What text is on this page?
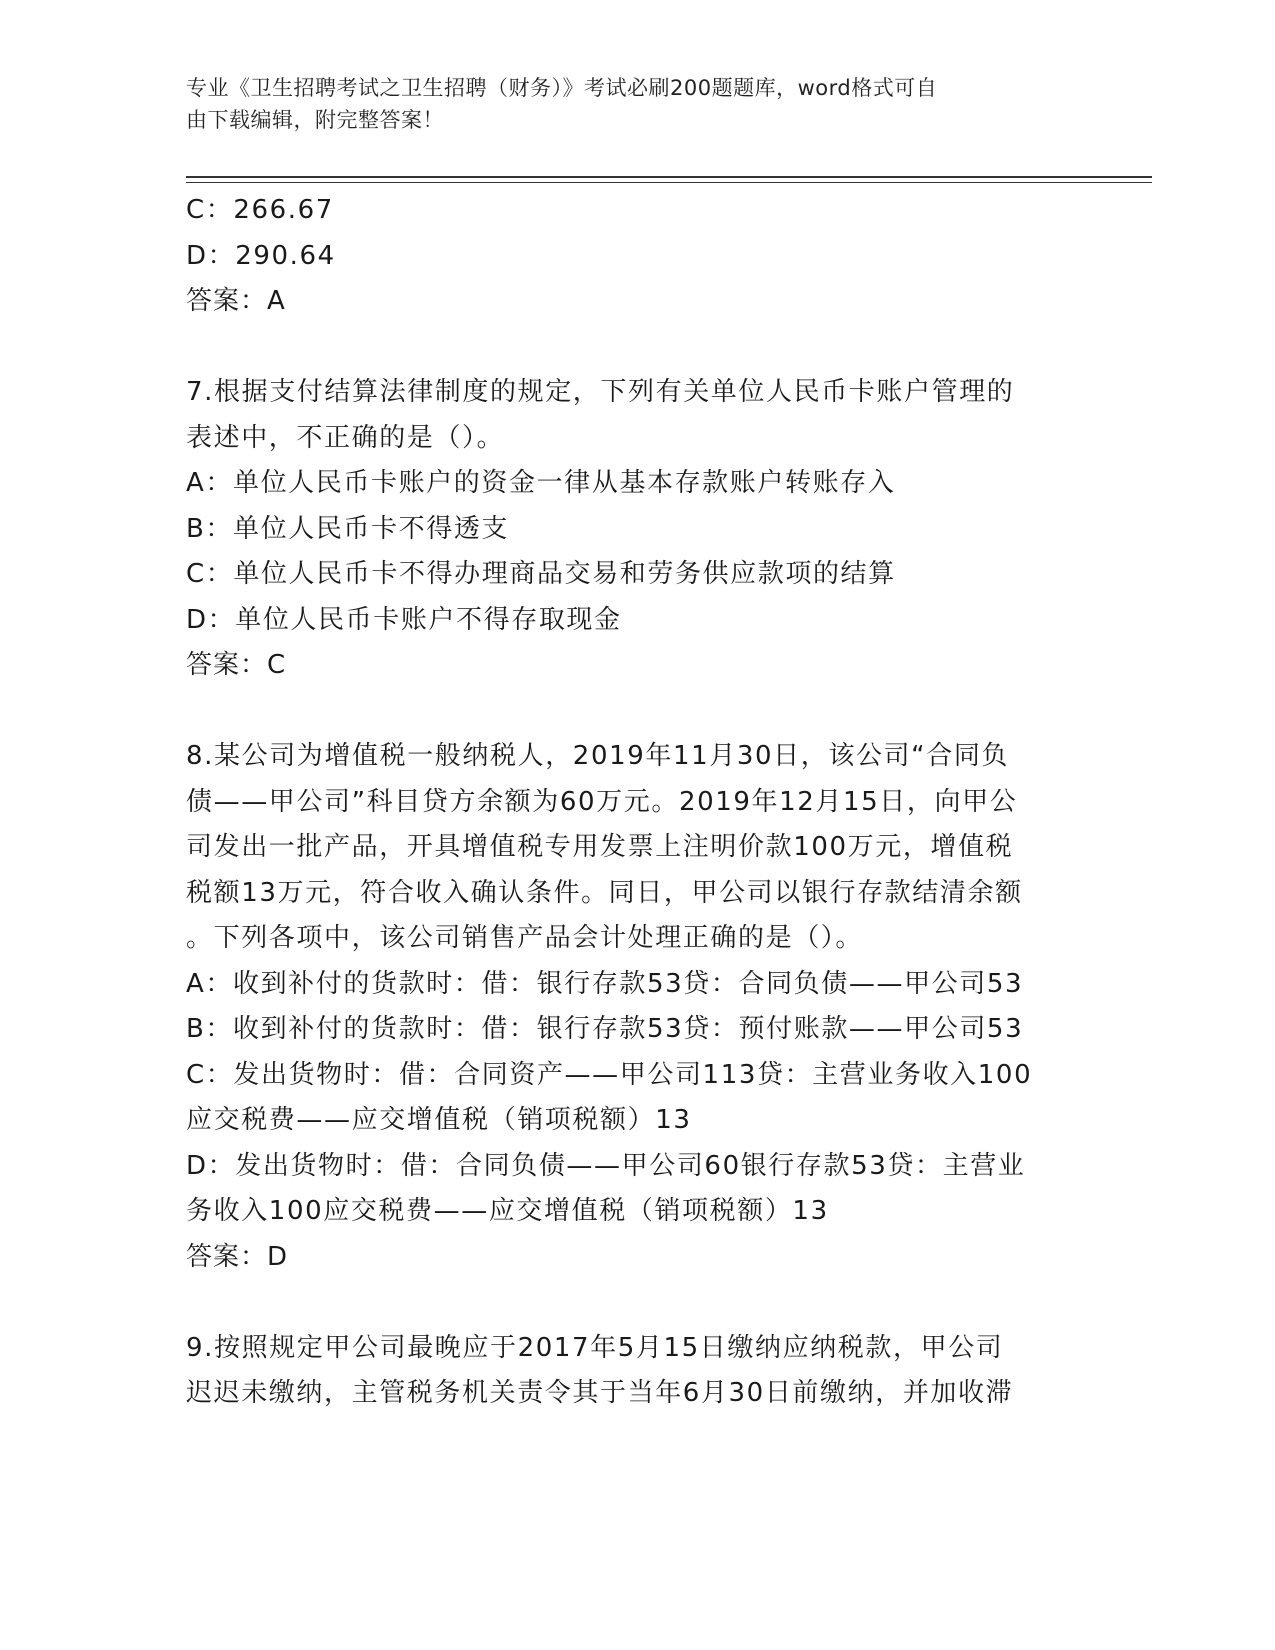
专业《卫生招聘考试之卫生招聘（财务）》考试必刷200题题库，word格式可自
由下载编辑，附完整答案！
C：266.67
D：290.64
答案：A
7.根据支付结算法律制度的规定，下列有关单位人民币卡账户管理的
表述中，不正确的是（）。
A：单位人民币卡账户的资金一律从基本存款账户转账存入
B：单位人民币卡不得透支
C：单位人民币卡不得办理商品交易和劳务供应款项的结算
D：单位人民币卡账户不得存取现金
答案：C
8.某公司为增值税一般纳税人，2019年11月30日，该公司“合同负
债——甲公司”科目贷方余额为60万元。2019年12月15日，向甲公
司发出一批产品，开具增值税专用发票上注明价款100万元，增值税
税额13万元，符合收入确认条件。同日，甲公司以银行存款结清余额
。下列各项中，该公司销售产品会计处理正确的是（）。
A：收到补付的货款时：借：银行存款53贷：合同负债——甲公司53
B：收到补付的货款时：借：银行存款53贷：预付账款——甲公司53
C：发出货物时：借：合同资产——甲公司113贷：主营业务收入100
应交税费——应交增值税（销项税额）13
D：发出货物时：借：合同负债——甲公司60银行存款53贷：主营业
务收入100应交税费——应交增值税（销项税额）13
答案：D
9.按照规定甲公司最晚应于2017年5月15日缴纳应纳税款，甲公司
迟迟未缴纳，主管税务机关责令其于当年6月30日前缴纳，并加收滞
